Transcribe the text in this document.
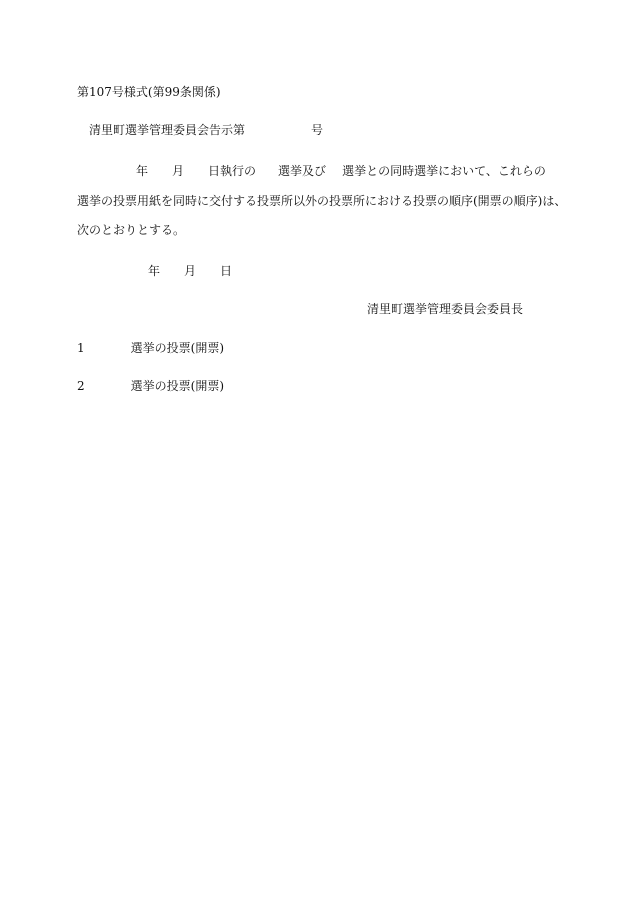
第107号様式(第99条関係)
清里町選挙管理委員会告示第	号
年 月 日執行の 選挙及び 選挙との同時選挙において、これらの
選挙の投票用紙を同時に交付する投票所以外の投票所における投票の順序(開票の順序)は、
次のとおりとする。
年 月 日
清里町選挙管理委員会委員長
1	選挙の投票(開票)
2	選挙の投票(開票)
